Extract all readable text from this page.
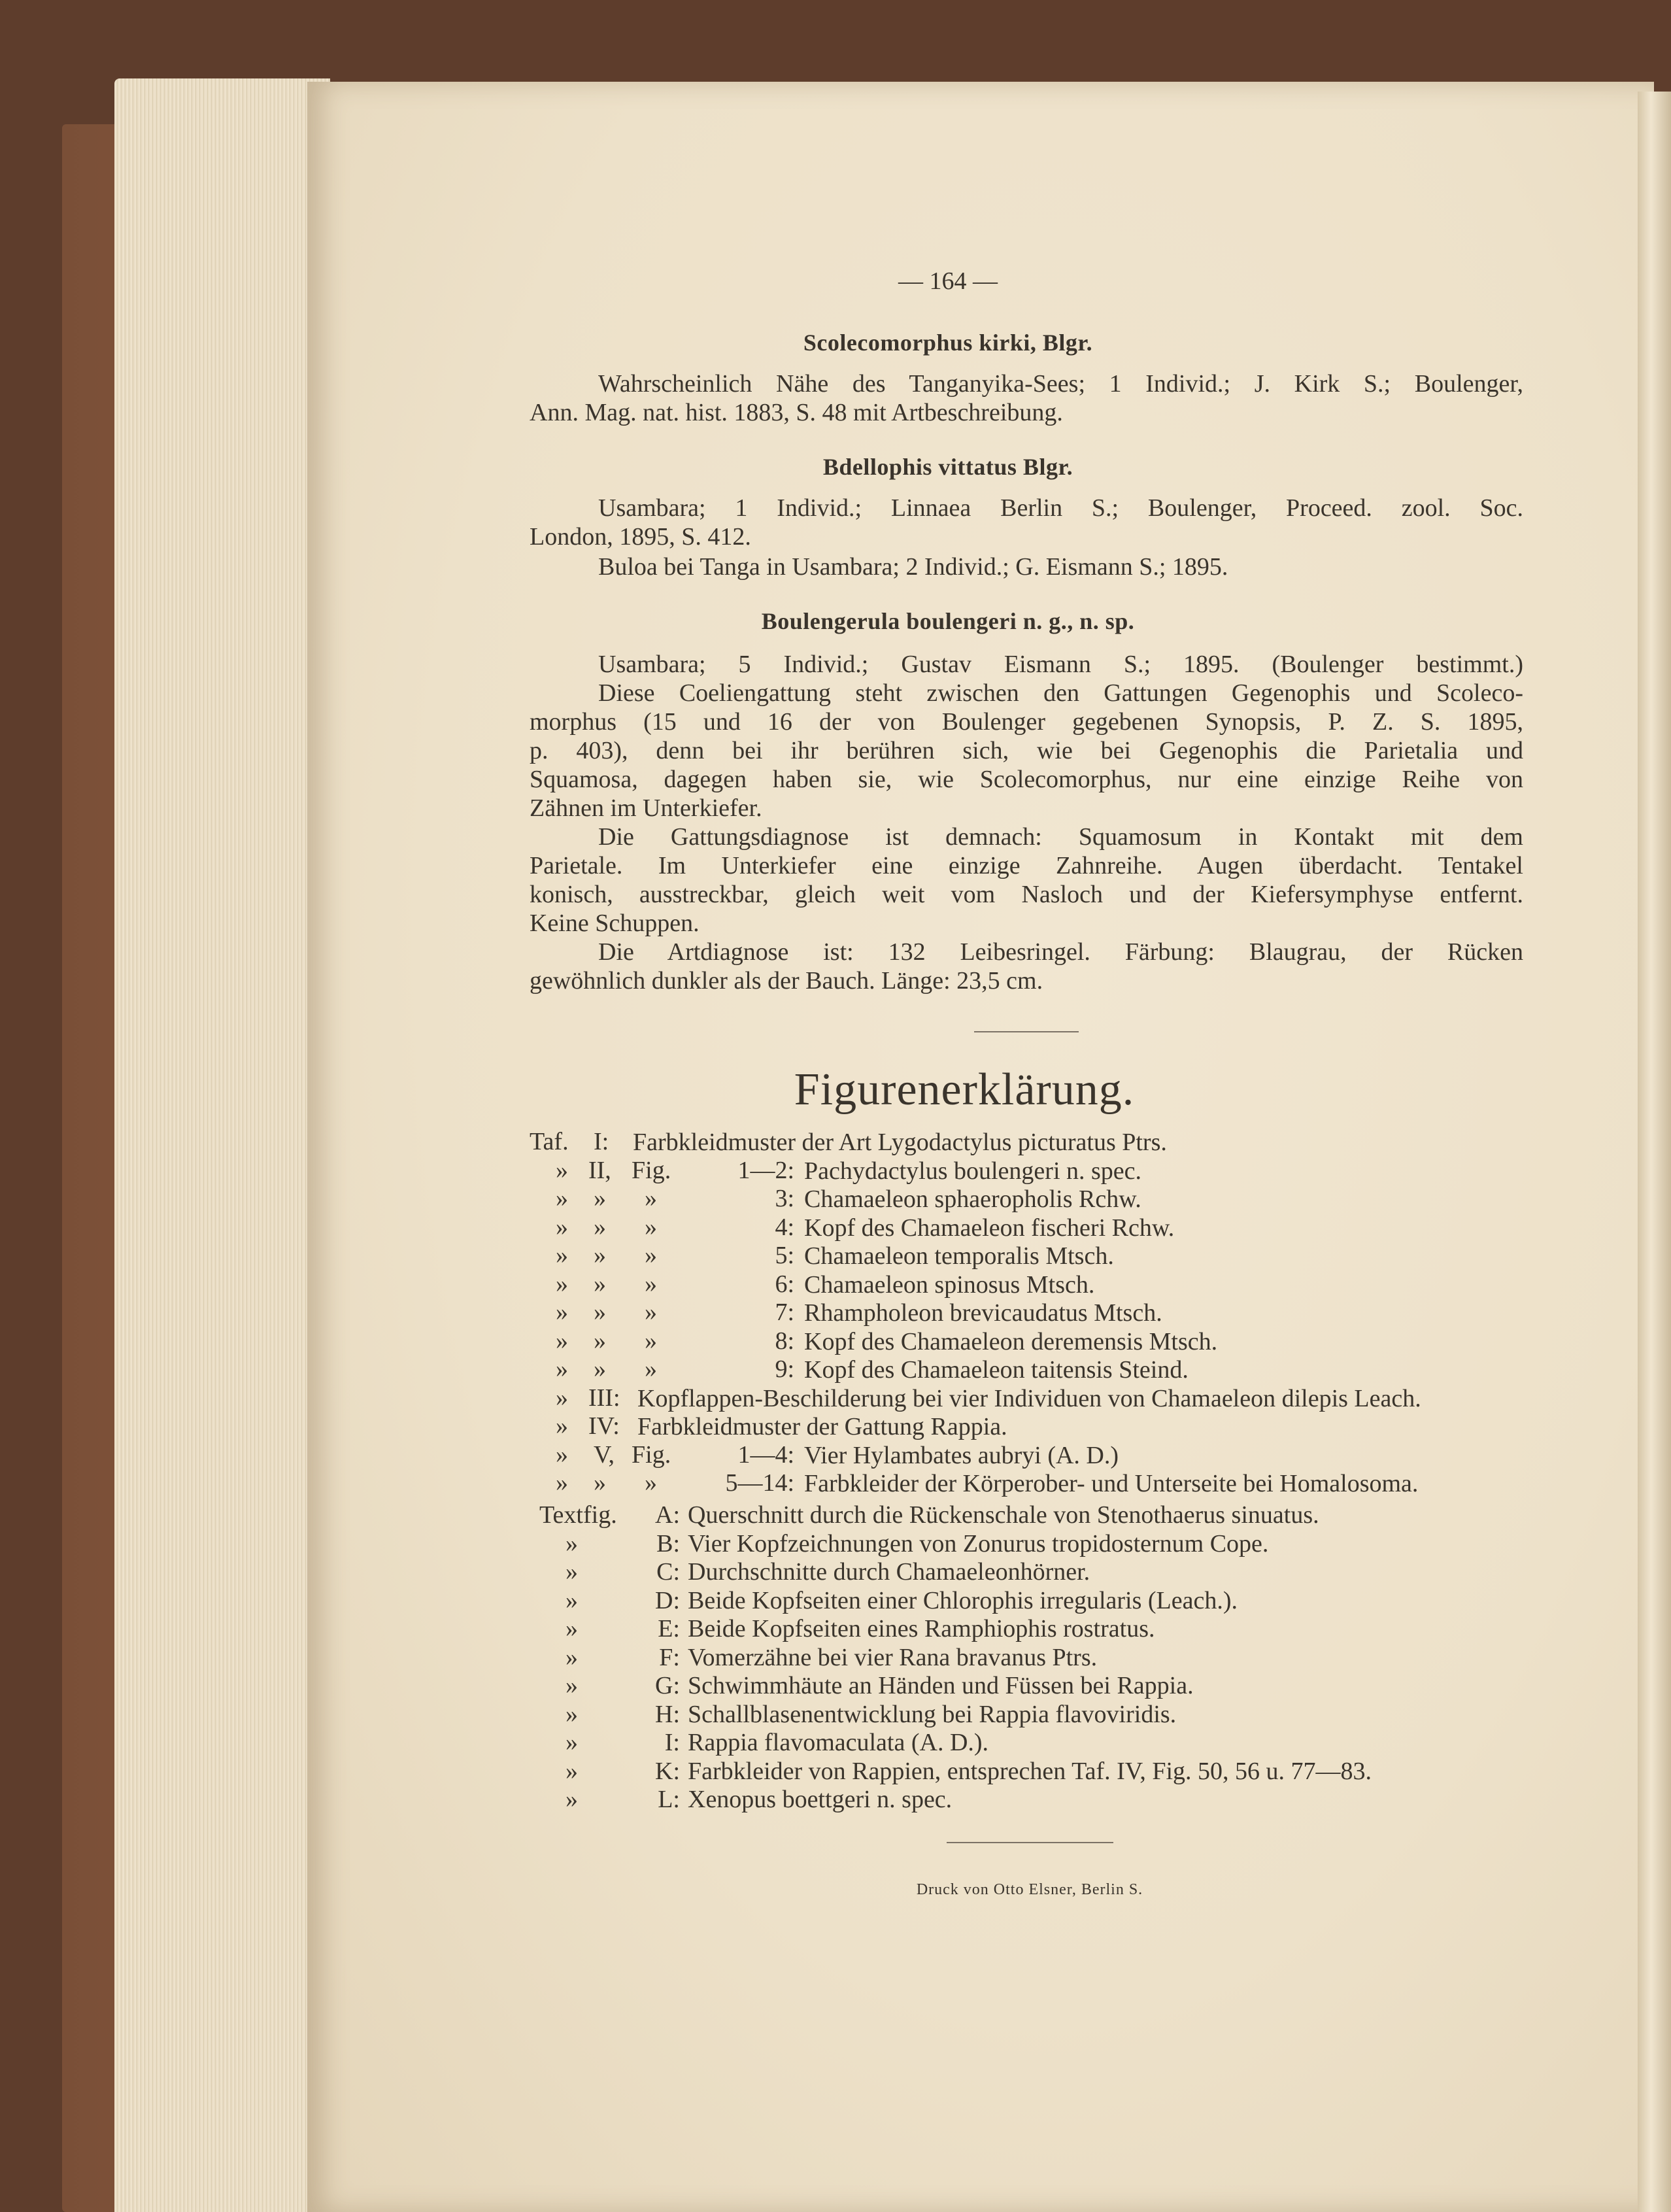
— 164 —
Scolecomorphus kirki, Blgr.
Wahrscheinlich Nähe des Tanganyika-Sees; 1 Individ.; J. Kirk S.; Boulenger,
Ann. Mag. nat. hist. 1883, S. 48 mit Artbeschreibung.
Bdellophis vittatus Blgr.
Usambara; 1 Individ.; Linnaea Berlin S.; Boulenger, Proceed. zool. Soc.
London, 1895, S. 412.
Buloa bei Tanga in Usambara; 2 Individ.; G. Eismann S.; 1895.
Boulengerula boulengeri n. g., n. sp.
Usambara; 5 Individ.; Gustav Eismann S.; 1895. (Boulenger bestimmt.)
Diese Coeliengattung steht zwischen den Gattungen Gegenophis und Scoleco-
morphus (15 und 16 der von Boulenger gegebenen Synopsis, P. Z. S. 1895,
p. 403), denn bei ihr berühren sich, wie bei Gegenophis die Parietalia und
Squamosa, dagegen haben sie, wie Scolecomorphus, nur eine einzige Reihe von
Zähnen im Unterkiefer.
Die Gattungsdiagnose ist demnach: Squamosum in Kontakt mit dem
Parietale. Im Unterkiefer eine einzige Zahnreihe. Augen überdacht. Tentakel
konisch, ausstreckbar, gleich weit vom Nasloch und der Kiefersymphyse entfernt.
Keine Schuppen.
Die Artdiagnose ist: 132 Leibesringel. Färbung: Blaugrau, der Rücken
gewöhnlich dunkler als der Bauch. Länge: 23,5 cm.
Figurenerklärung.
Taf.
»
»
»
»
»
»
»
»
»
»
»
»
I:
II,
»
»
»
»
»
»
»
III:
IV:
V,
»
Fig.
»
»
»
»
»
»
»
Fig.
»
1—2:
3:
4:
5:
6:
7:
8:
9:
1—4:
5—14:
Farbkleidmuster der Art Lygodactylus picturatus Ptrs.
Pachydactylus boulengeri n. spec.
Chamaeleon sphaeropholis Rchw.
Kopf des Chamaeleon fischeri Rchw.
Chamaeleon temporalis Mtsch.
Chamaeleon spinosus Mtsch.
Rhampholeon brevicaudatus Mtsch.
Kopf des Chamaeleon deremensis Mtsch.
Kopf des Chamaeleon taitensis Steind.
Kopflappen-Beschilderung bei vier Individuen von Chamaeleon dilepis Leach.
Farbkleidmuster der Gattung Rappia.
Vier Hylambates aubryi (A. D.)
Farbkleider der Körperober- und Unterseite bei Homalosoma.
Textfig.
»
»
»
»
»
»
»
»
»
»
A:
B:
C:
D:
E:
F:
G:
H:
I:
K:
L:
Querschnitt durch die Rückenschale von Stenothaerus sinuatus.
Vier Kopfzeichnungen von Zonurus tropidosternum Cope.
Durchschnitte durch Chamaeleonhörner.
Beide Kopfseiten einer Chlorophis irregularis (Leach.).
Beide Kopfseiten eines Ramphiophis rostratus.
Vomerzähne bei vier Rana bravanus Ptrs.
Schwimmhäute an Händen und Füssen bei Rappia.
Schallblasenentwicklung bei Rappia flavoviridis.
Rappia flavomaculata (A. D.).
Farbkleider von Rappien, entsprechen Taf. IV, Fig. 50, 56 u. 77—83.
Xenopus boettgeri n. spec.
Druck von Otto Elsner, Berlin S.
